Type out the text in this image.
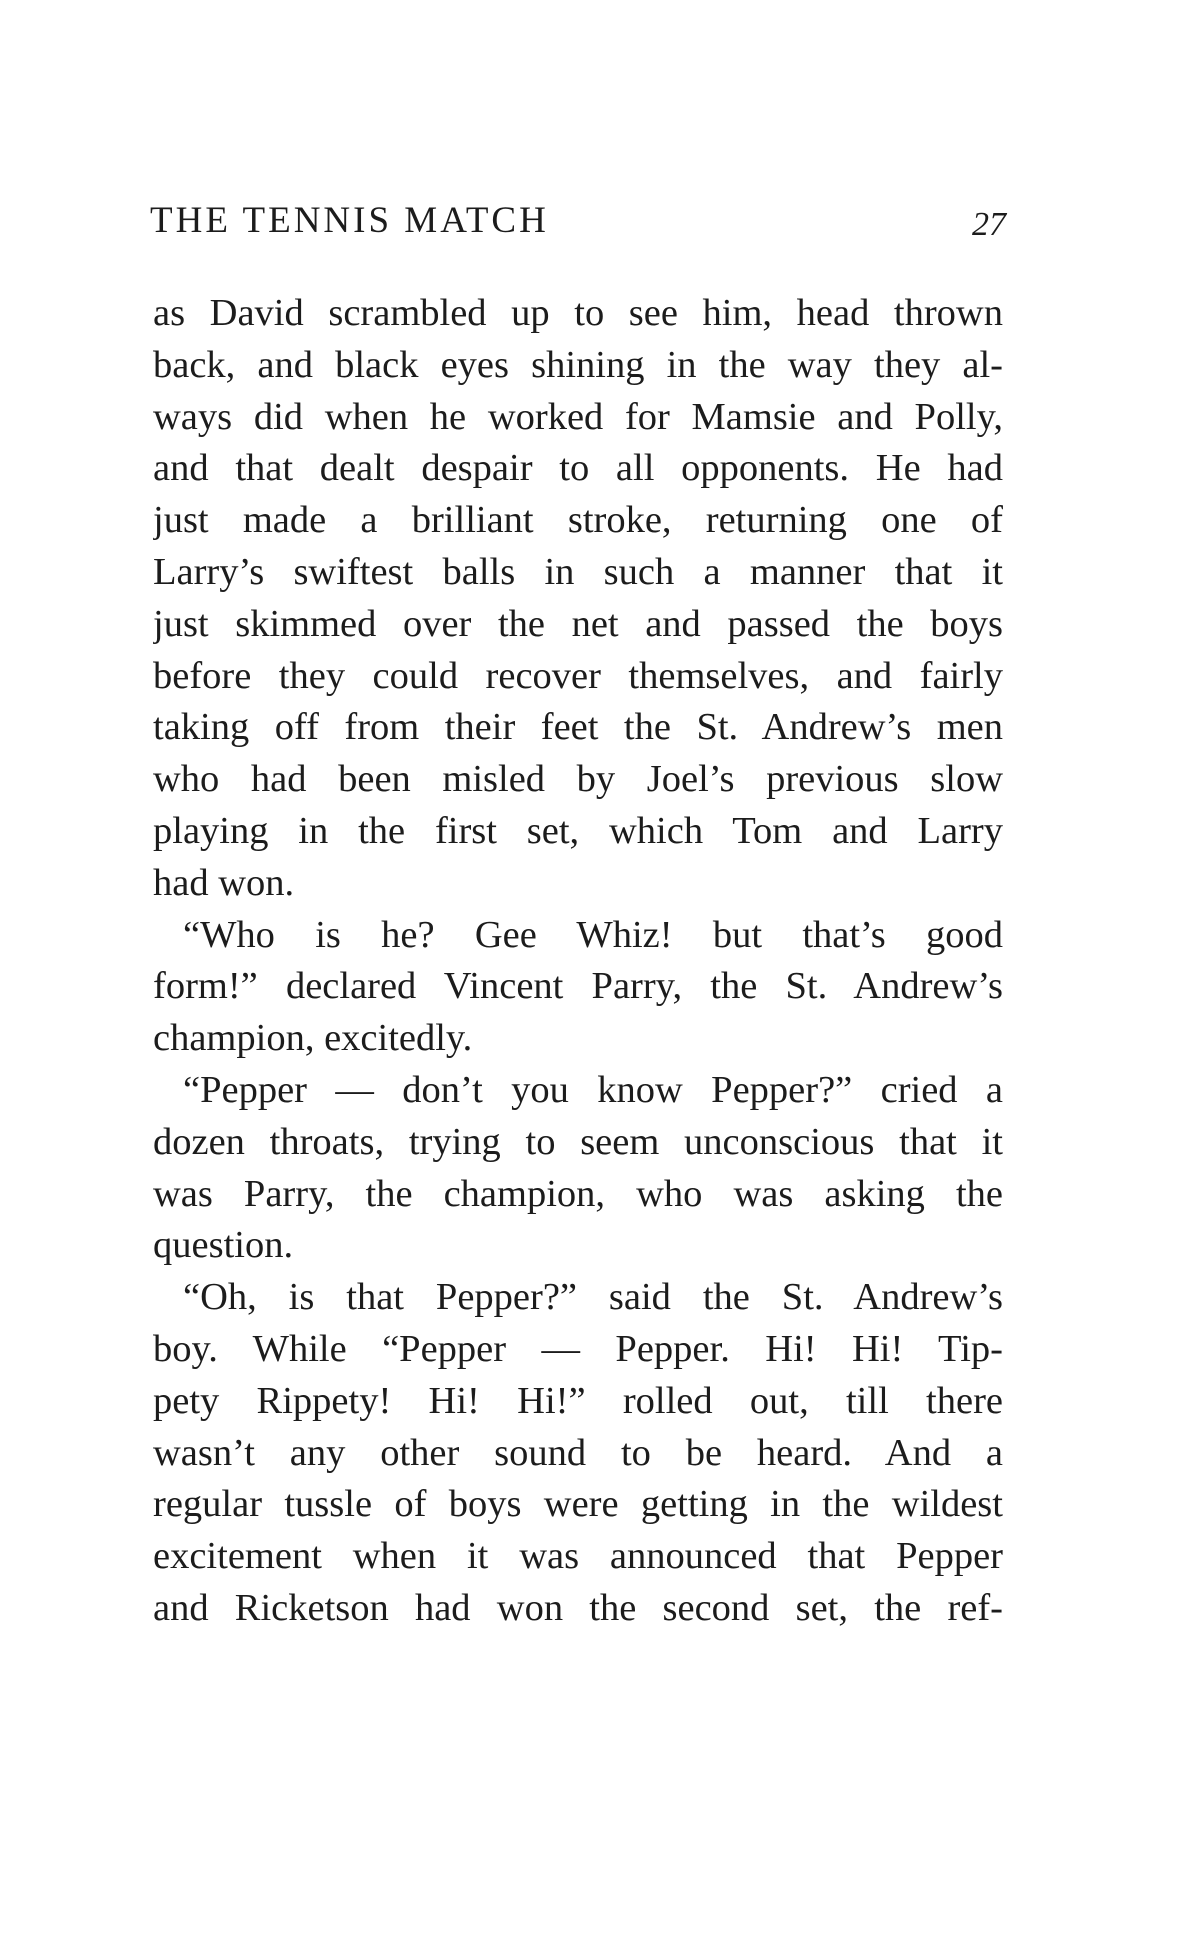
THE TENNIS MATCH	27
as David scrambled up to see him, head thrown
back, and black eyes shining in the way they al-
ways did when he worked for Mamsie and Polly,
and that dealt despair to all opponents. He had
just made a brilliant stroke, returning one of
Larry’s swiftest balls in such a manner that it
just skimmed over the net and passed the boys
before they could recover themselves, and fairly
taking off from their feet the St. Andrew’s men
who had been misled by Joel’s previous slow
playing in the first set, which Tom and Larry
had won.
“Who is he? Gee Whiz! but that’s good
form!” declared Vincent Parry, the St. Andrew’s
champion, excitedly.
“Pepper — don’t you know Pepper?” cried a
dozen throats, trying to seem unconscious that it
was Parry, the champion, who was asking the
question.
“Oh, is that Pepper?” said the St. Andrew’s
boy. While “Pepper — Pepper. Hi! Hi! Tip-
pety Rippety! Hi! Hi!” rolled out, till there
wasn’t any other sound to be heard. And a
regular tussle of boys were getting in the wildest
excitement when it was announced that Pepper
and Ricketson had won the second set, the ref-
